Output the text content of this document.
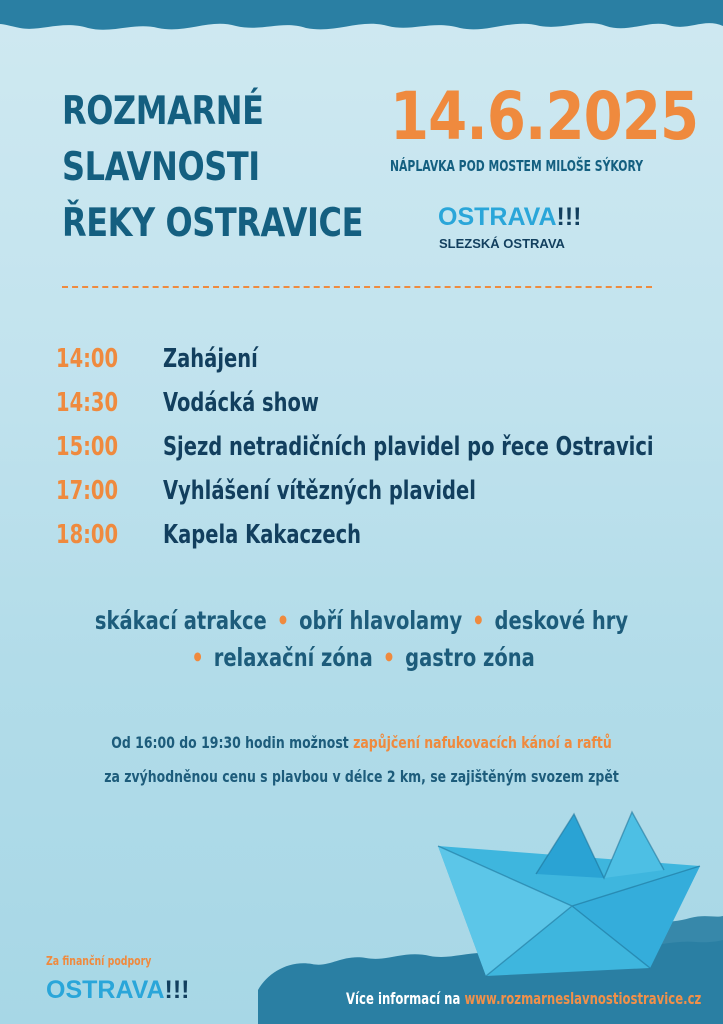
ROZMARNÉ
SLAVNOSTI
ŘEKY OSTRAVICE
14.6.2025
NÁPLAVKA POD MOSTEM MILOŠE SÝKORY
OSTRAVA!!!
SLEZSKÁ OSTRAVA
14:00 Zahájení
14:30 Vodácká show
15:00 Sjezd netradičních plavidel po řece Ostravici
17:00 Vyhlášení vítězných plavidel
18:00 Kapela Kakaczech
skákací atrakce • obří hlavolamy • deskové hry
• relaxační zóna • gastro zóna
Od 16:00 do 19:30 hodin možnost zapůjčení nafukovacích kánoí a raftů
za zvýhodněnou cenu s plavbou v délce 2 km, se zajištěným svozem zpět
Za finanční podpory
OSTRAVA!!!	Více informací na www.rozmarneslavnostiostravice.cz
